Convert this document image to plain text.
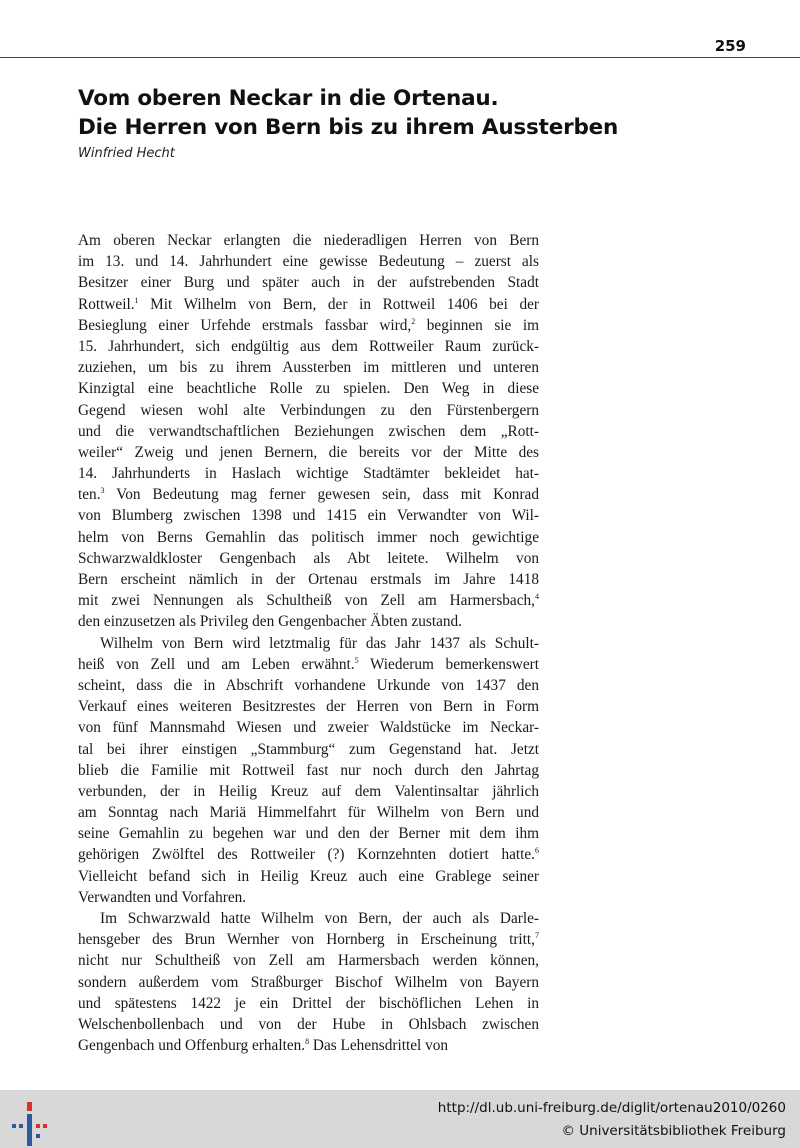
259
Vom oberen Neckar in die Ortenau.
Die Herren von Bern bis zu ihrem Aussterben
Winfried Hecht
Am oberen Neckar erlangten die niederadligen Herren von Bern
im 13. und 14. Jahrhundert eine gewisse Bedeutung – zuerst als
Besitzer einer Burg und später auch in der aufstrebenden Stadt
Rottweil.$^1$ Mit Wilhelm von Bern, der in Rottweil 1406 bei der
Besieglung einer Urfehde erstmals fassbar wird,$^2$ beginnen sie im
15. Jahrhundert, sich endgültig aus dem Rottweiler Raum zurück-
zuziehen, um bis zu ihrem Aussterben im mittleren und unteren
Kinzigtal eine beachtliche Rolle zu spielen. Den Weg in diese
Gegend wiesen wohl alte Verbindungen zu den Fürstenbergern
und die verwandtschaftlichen Beziehungen zwischen dem „Rott-
weiler“ Zweig und jenen Bernern, die bereits vor der Mitte des
14. Jahrhunderts in Haslach wichtige Stadtämter bekleidet hat-
ten.$^3$ Von Bedeutung mag ferner gewesen sein, dass mit Konrad
von Blumberg zwischen 1398 und 1415 ein Verwandter von Wil-
helm von Berns Gemahlin das politisch immer noch gewichtige
Schwarzwaldkloster Gengenbach als Abt leitete. Wilhelm von
Bern erscheint nämlich in der Ortenau erstmals im Jahre 1418
mit zwei Nennungen als Schultheiß von Zell am Harmersbach,$^4$
den einzusetzen als Privileg den Gengenbacher Äbten zustand.
Wilhelm von Bern wird letztmalig für das Jahr 1437 als Schult-
heiß von Zell und am Leben erwähnt.$^5$ Wiederum bemerkenswert
scheint, dass die in Abschrift vorhandene Urkunde von 1437 den
Verkauf eines weiteren Besitzrestes der Herren von Bern in Form
von fünf Mannsmahd Wiesen und zweier Waldstücke im Neckar-
tal bei ihrer einstigen „Stammburg“ zum Gegenstand hat. Jetzt
blieb die Familie mit Rottweil fast nur noch durch den Jahrtag
verbunden, der in Heilig Kreuz auf dem Valentinsaltar jährlich
am Sonntag nach Mariä Himmelfahrt für Wilhelm von Bern und
seine Gemahlin zu begehen war und den der Berner mit dem ihm
gehörigen Zwölftel des Rottweiler (?) Kornzehnten dotiert hatte.$^6$
Vielleicht befand sich in Heilig Kreuz auch eine Grablege seiner
Verwandten und Vorfahren.
Im Schwarzwald hatte Wilhelm von Bern, der auch als Darle-
hensgeber des Brun Wernher von Hornberg in Erscheinung tritt,$^7$
nicht nur Schultheiß von Zell am Harmersbach werden können,
sondern außerdem vom Straßburger Bischof Wilhelm von Bayern
und spätestens 1422 je ein Drittel der bischöflichen Lehen in
Welschenbollenbach und von der Hube in Ohlsbach zwischen
Gengenbach und Offenburg erhalten.$^8$ Das Lehensdrittel von
http://dl.ub.uni-freiburg.de/diglit/ortenau2010/0260
© Universitätsbibliothek Freiburg
